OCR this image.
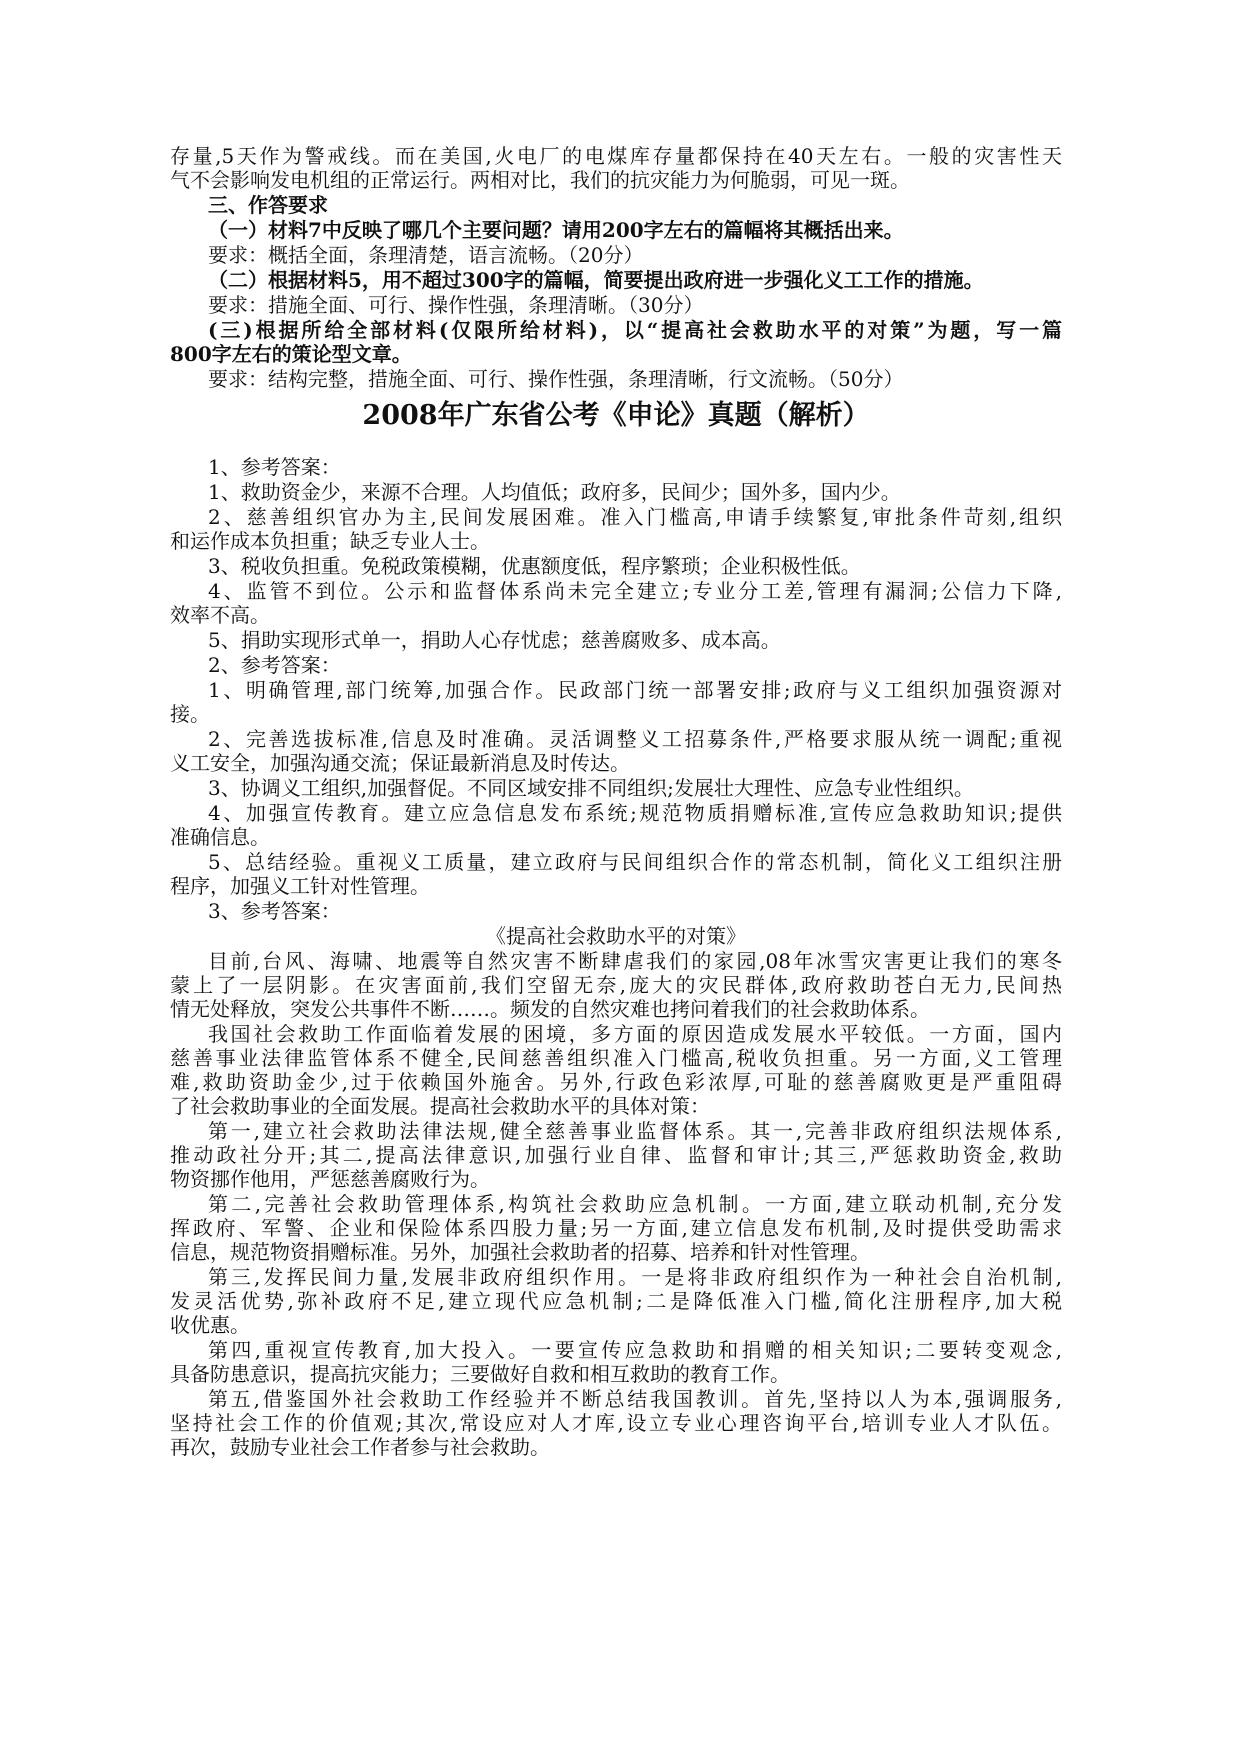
存量,5天作为警戒线。而在美国,火电厂的电煤库存量都保持在40天左右。一般的灾害性天
气不会影响发电机组的正常运行。两相对比，我们的抗灾能力为何脆弱，可见一斑。
三、作答要求
（一）材料7中反映了哪几个主要问题？请用200字左右的篇幅将其概括出来。
要求：概括全面，条理清楚，语言流畅。（20分）
（二）根据材料5，用不超过300字的篇幅，简要提出政府进一步强化义工工作的措施。
要求：措施全面、可行、操作性强，条理清晰。（30分）
(三)根据所给全部材料(仅限所给材料)，以“提高社会救助水平的对策”为题，写一篇
800字左右的策论型文章。
要求：结构完整，措施全面、可行、操作性强，条理清晰，行文流畅。（50分）
2008年广东省公考《申论》真题（解析）
1、参考答案：
1、救助资金少，来源不合理。人均值低；政府多，民间少；国外多，国内少。
2、慈善组织官办为主,民间发展困难。准入门槛高,申请手续繁复,审批条件苛刻,组织
和运作成本负担重；缺乏专业人士。
3、税收负担重。免税政策模糊，优惠额度低，程序繁琐；企业积极性低。
4、监管不到位。公示和监督体系尚未完全建立;专业分工差,管理有漏洞;公信力下降,
效率不高。
5、捐助实现形式单一，捐助人心存忧虑；慈善腐败多、成本高。
2、参考答案：
1、明确管理,部门统筹,加强合作。民政部门统一部署安排;政府与义工组织加强资源对
接。
2、完善选拔标准,信息及时准确。灵活调整义工招募条件,严格要求服从统一调配;重视
义工安全，加强沟通交流；保证最新消息及时传达。
3、协调义工组织,加强督促。不同区域安排不同组织;发展壮大理性、应急专业性组织。
4、加强宣传教育。建立应急信息发布系统;规范物质捐赠标准,宣传应急救助知识;提供
准确信息。
5、总结经验。重视义工质量，建立政府与民间组织合作的常态机制，简化义工组织注册
程序，加强义工针对性管理。
3、参考答案：
《提高社会救助水平的对策》
目前,台风、海啸、地震等自然灾害不断肆虐我们的家园,08年冰雪灾害更让我们的寒冬
蒙上了一层阴影。在灾害面前,我们空留无奈,庞大的灾民群体,政府救助苍白无力,民间热
情无处释放，突发公共事件不断……。频发的自然灾难也拷问着我们的社会救助体系。
我国社会救助工作面临着发展的困境，多方面的原因造成发展水平较低。一方面，国内
慈善事业法律监管体系不健全,民间慈善组织准入门槛高,税收负担重。另一方面,义工管理
难,救助资助金少,过于依赖国外施舍。另外,行政色彩浓厚,可耻的慈善腐败更是严重阻碍
了社会救助事业的全面发展。提高社会救助水平的具体对策：
第一,建立社会救助法律法规,健全慈善事业监督体系。其一,完善非政府组织法规体系,
推动政社分开;其二,提高法律意识,加强行业自律、监督和审计;其三,严惩救助资金,救助
物资挪作他用，严惩慈善腐败行为。
第二,完善社会救助管理体系,构筑社会救助应急机制。一方面,建立联动机制,充分发
挥政府、军警、企业和保险体系四股力量;另一方面,建立信息发布机制,及时提供受助需求
信息，规范物资捐赠标准。另外，加强社会救助者的招募、培养和针对性管理。
第三,发挥民间力量,发展非政府组织作用。一是将非政府组织作为一种社会自治机制,
发灵活优势,弥补政府不足,建立现代应急机制;二是降低准入门槛,简化注册程序,加大税
收优惠。
第四,重视宣传教育,加大投入。一要宣传应急救助和捐赠的相关知识;二要转变观念,
具备防患意识，提高抗灾能力；三要做好自救和相互救助的教育工作。
第五,借鉴国外社会救助工作经验并不断总结我国教训。首先,坚持以人为本,强调服务,
坚持社会工作的价值观;其次,常设应对人才库,设立专业心理咨询平台,培训专业人才队伍。
再次，鼓励专业社会工作者参与社会救助。
